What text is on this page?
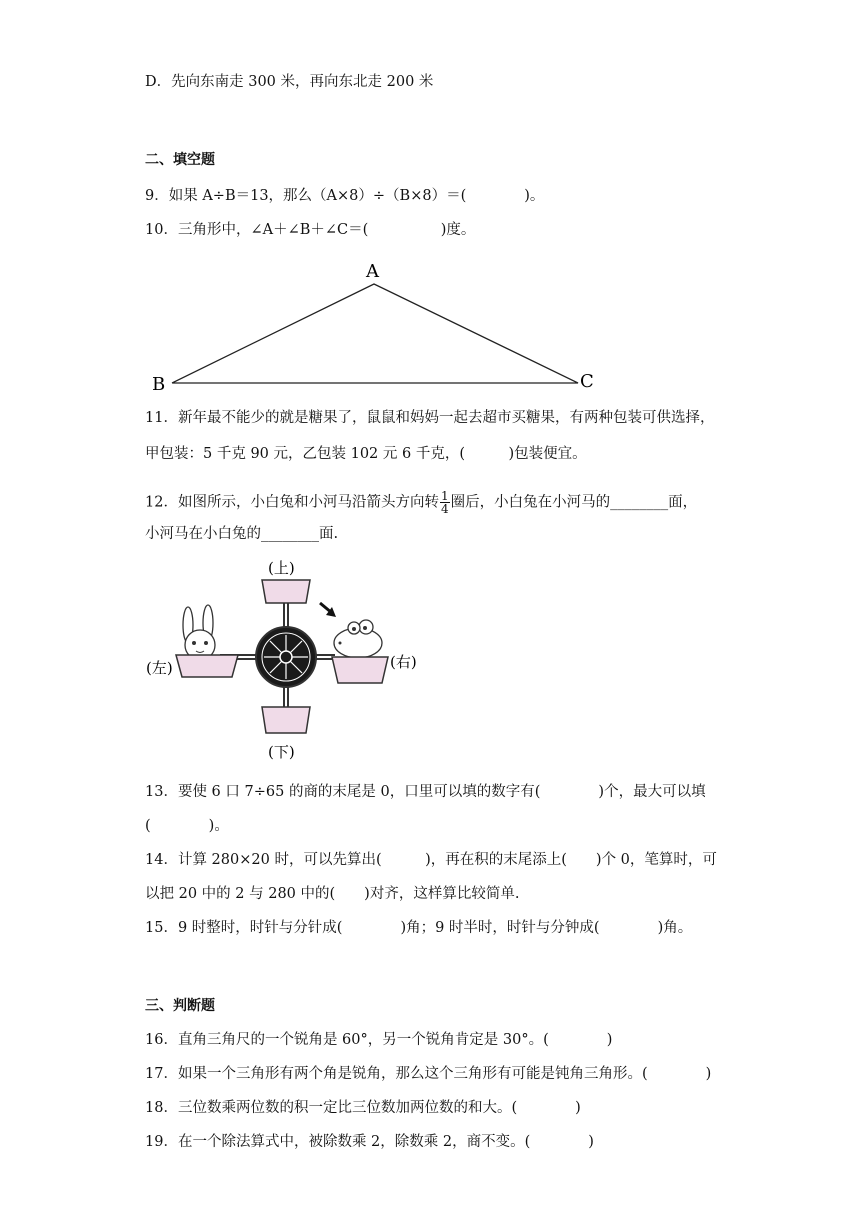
D．先向东南走 300 米，再向东北走 200 米
二、填空题
9．如果 A÷B＝13，那么（A×8）÷（B×8）＝(　　　　)。
10．三角形中，∠A＋∠B＋∠C＝(　　　　　)度。
A
B	C
11．新年最不能少的就是糖果了，鼠鼠和妈妈一起去超市买糖果，有两种包装可供选择，
甲包装：5 千克 90 元，乙包装 102 元 6 千克，(　　　)包装便宜。
12．如图所示，小白兔和小河马沿箭头方向转 $\frac{1}{4}$ 圈后，小白兔在小河马的________面，
小河马在小白兔的________面.
(上)
(下)
(左)	(右)
13．要使 6 口 7÷65 的商的末尾是 0，口里可以填的数字有(　　　　)个，最大可以填
(　　　　)。
14．计算 280×20 时，可以先算出(　　　)，再在积的末尾添上(　　)个 0，笔算时，可
以把 20 中的 2 与 280 中的(　　)对齐，这样算比较简单.
15．9 时整时，时针与分针成(　　　　)角；9 时半时，时针与分钟成(　　　　)角。
三、判断题
16．直角三角尺的一个锐角是 60°，另一个锐角肯定是 30°。(　　　　)
17．如果一个三角形有两个角是锐角，那么这个三角形有可能是钝角三角形。(　　　　)
18．三位数乘两位数的积一定比三位数加两位数的和大。(　　　　)
19．在一个除法算式中，被除数乘 2，除数乘 2，商不变。(　　　　)
